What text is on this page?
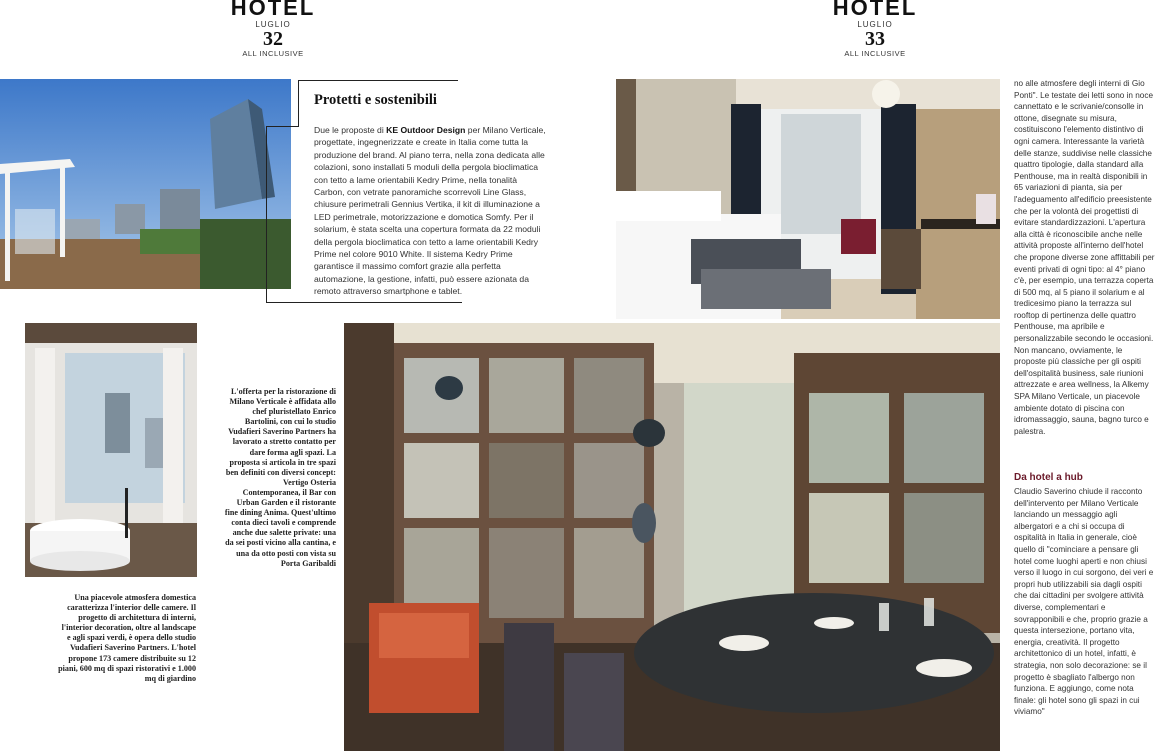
HOTEL
LUGLIO
32
ALL INCLUSIVE
HOTEL
LUGLIO
33
ALL INCLUSIVE
Protetti e sostenibili
Due le proposte di KE Outdoor Design per Milano Verticale, progettate, ingegnerizzate e create in Italia come tutta la produzione del brand. Al piano terra, nella zona dedicata alle colazioni, sono installati 5 moduli della pergola bioclimatica con tetto a lame orientabili Kedry Prime, nella tonalità Carbon, con vetrate panoramiche scorrevoli Line Glass, chiusure perimetrali Gennius Vertika, il kit di illuminazione a LED perimetrale, motorizzazione e domotica Somfy. Per il solarium, è stata scelta una copertura formata da 22 moduli della pergola bioclimatica con tetto a lame orientabili Kedry Prime nel colore 9010 White. Il sistema Kedry Prime garantisce il massimo comfort grazie alla perfetta automazione, la gestione, infatti, può essere azionata da remoto attraverso smartphone e tablet.
no alle atmosfere degli interni di Gio Ponti". Le testate dei letti sono in noce cannettato e le scrivanie/consolle in ottone, disegnate su misura, costituiscono l'elemento distintivo di ogni camera. Interessante la varietà delle stanze, suddivise nelle classiche quattro tipologie, dalla standard alla Penthouse, ma in realtà disponibili in 65 variazioni di pianta, sia per l'adeguamento all'edificio preesistente che per la volontà dei progettisti di evitare standardizzazioni. L'apertura alla città è riconoscibile anche nelle attività proposte all'interno dell'hotel che propone diverse zone affittabili per eventi privati di ogni tipo: al 4° piano c'è, per esempio, una terrazza coperta di 500 mq, al 5 piano il solarium e al tredicesimo piano la terrazza sul rooftop di pertinenza delle quattro Penthouse, ma apribile e personalizzabile secondo le occasioni. Non mancano, ovviamente, le proposte più classiche per gli ospiti dell'ospitalità business, sale riunioni attrezzate e area wellness, la Alkemy SPA Milano Verticale, un piacevole ambiente dotato di piscina con idromassaggio, sauna, bagno turco e palestra.
Da hotel a hub
Claudio Saverino chiude il racconto dell'intervento per Milano Verticale lanciando un messaggio agli albergatori e a chi si occupa di ospitalità in Italia in generale, cioè quello di "cominciare a pensare gli hotel come luoghi aperti e non chiusi verso il luogo in cui sorgono, dei veri e propri hub utilizzabili sia dagli ospiti che dai cittadini per svolgere attività diverse, complementari e sovrapponibili e che, proprio grazie a questa intersezione, portano vita, energia, creatività. Il progetto architettonico di un hotel, infatti, è strategia, non solo decorazione: se il progetto è sbagliato l'albergo non funziona. E aggiungo, come nota finale: gli hotel sono gli spazi in cui viviamo"
L'offerta per la ristorazione di Milano Verticale è affidata allo chef pluristellato Enrico Bartolini, con cui lo studio Vudafieri Saverino Partners ha lavorato a stretto contatto per dare forma agli spazi. La proposta si articola in tre spazi ben definiti con diversi concept: Vertigo Osteria Contemporanea, il Bar con Urban Garden e il ristorante fine dining Anima. Quest'ultimo conta dieci tavoli e comprende anche due salette private: una da sei posti vicino alla cantina, e una da otto posti con vista su Porta Garibaldi
Una piacevole atmosfera domestica caratterizza l'interior delle camere. Il progetto di architettura di interni, l'interior decoration, oltre al landscape e agli spazi verdi, è opera dello studio Vudafieri Saverino Partners. L'hotel propone 173 camere distribuite su 12 piani, 600 mq di spazi ristorativi e 1.000 mq di giardino
